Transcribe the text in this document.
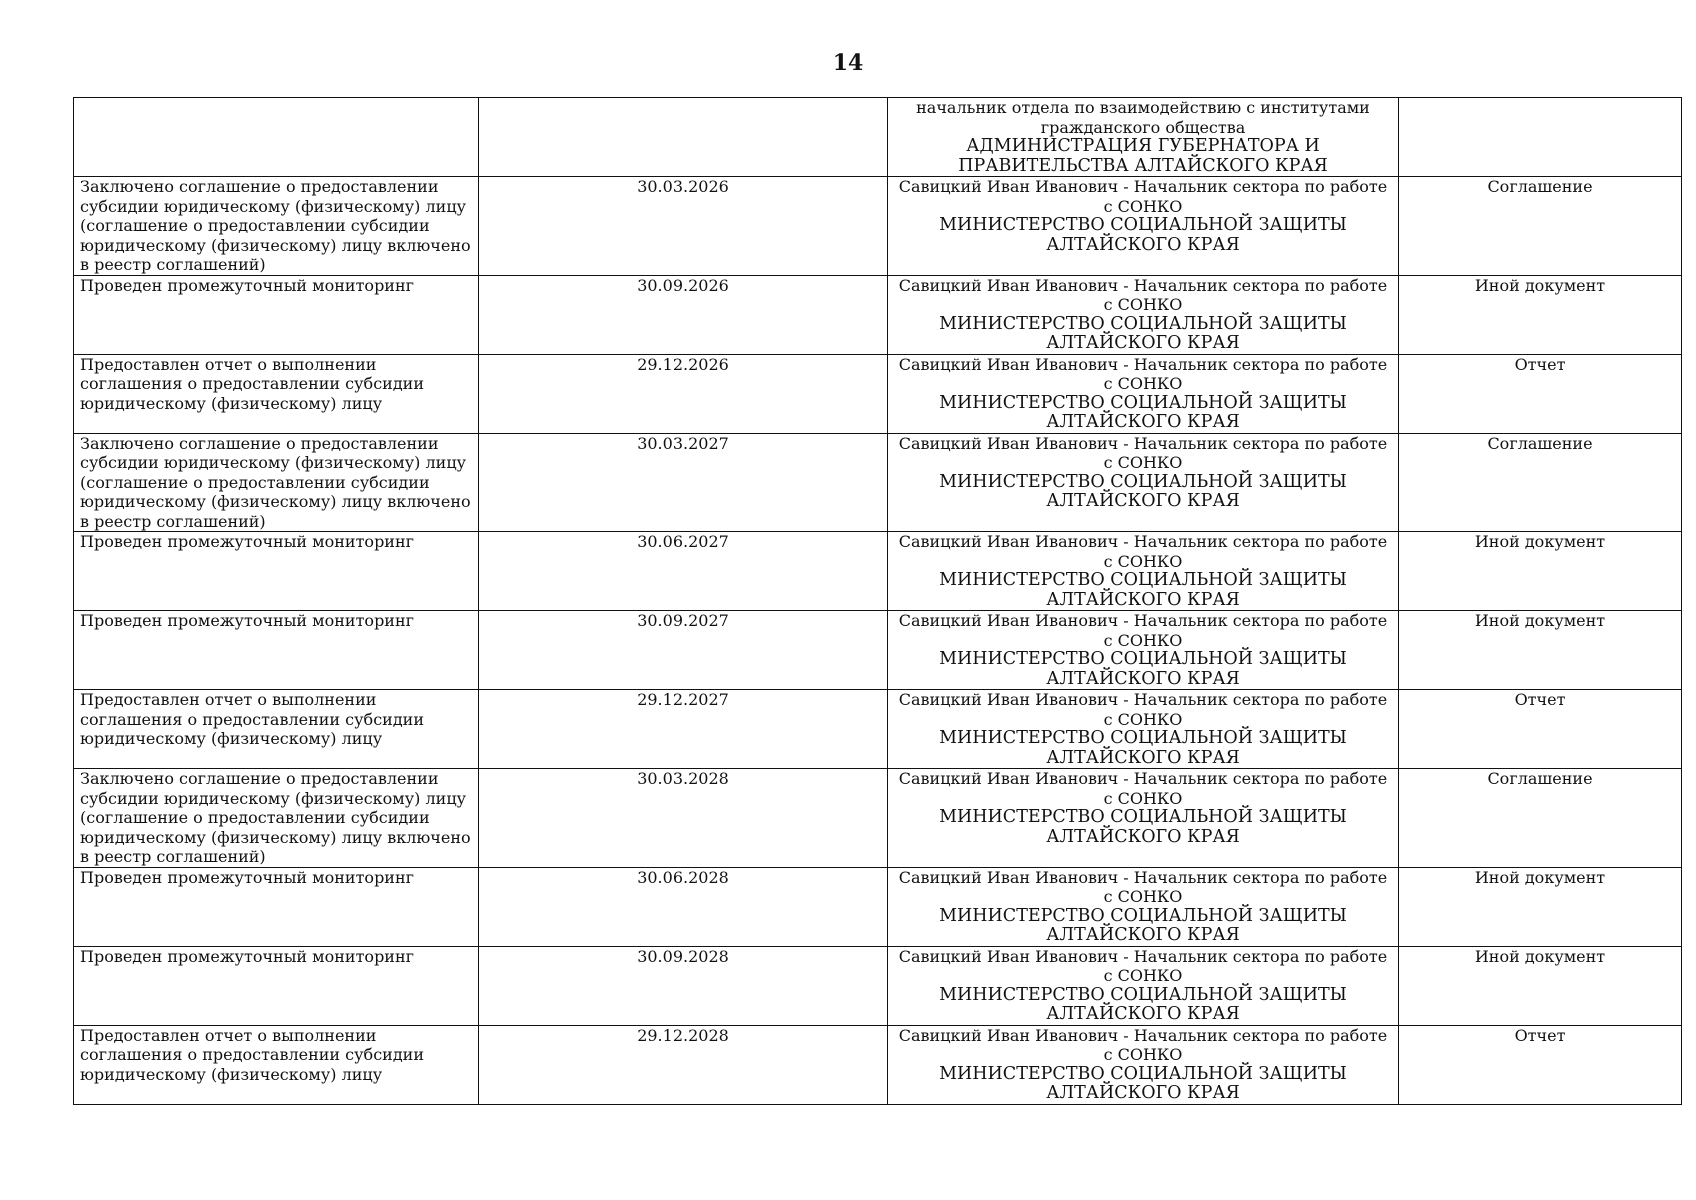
14

		начальник отдела по взаимодействию с институтами
гражданского общества
АДМИНИСТРАЦИЯ ГУБЕРНАТОРА И ПРАВИТЕЛЬСТВА АЛТАЙСКОГО КРАЯ	

Заключено соглашение о предоставлении субсидии юридическому (физическому) лицу (соглашение о предоставлении субсидии юридическому (физическому) лицу включено в реестр соглашений)	30.03.2026	Савицкий Иван Иванович - Начальник сектора по работе с СОНКО
МИНИСТЕРСТВО СОЦИАЛЬНОЙ ЗАЩИТЫ АЛТАЙСКОГО КРАЯ	Соглашение
Проведен промежуточный мониторинг	30.09.2026	Савицкий Иван Иванович - Начальник сектора по работе с СОНКО
МИНИСТЕРСТВО СОЦИАЛЬНОЙ ЗАЩИТЫ АЛТАЙСКОГО КРАЯ	Иной документ
Предоставлен отчет о выполнении соглашения о предоставлении субсидии юридическому (физическому) лицу	29.12.2026	Савицкий Иван Иванович - Начальник сектора по работе с СОНКО
МИНИСТЕРСТВО СОЦИАЛЬНОЙ ЗАЩИТЫ АЛТАЙСКОГО КРАЯ	Отчет
Заключено соглашение о предоставлении субсидии юридическому (физическому) лицу (соглашение о предоставлении субсидии юридическому (физическому) лицу включено в реестр соглашений)	30.03.2027	Савицкий Иван Иванович - Начальник сектора по работе с СОНКО
МИНИСТЕРСТВО СОЦИАЛЬНОЙ ЗАЩИТЫ АЛТАЙСКОГО КРАЯ	Соглашение
Проведен промежуточный мониторинг	30.06.2027	Савицкий Иван Иванович - Начальник сектора по работе с СОНКО
МИНИСТЕРСТВО СОЦИАЛЬНОЙ ЗАЩИТЫ АЛТАЙСКОГО КРАЯ	Иной документ
Проведен промежуточный мониторинг	30.09.2027	Савицкий Иван Иванович - Начальник сектора по работе с СОНКО
МИНИСТЕРСТВО СОЦИАЛЬНОЙ ЗАЩИТЫ АЛТАЙСКОГО КРАЯ	Иной документ
Предоставлен отчет о выполнении соглашения о предоставлении субсидии юридическому (физическому) лицу	29.12.2027	Савицкий Иван Иванович - Начальник сектора по работе с СОНКО
МИНИСТЕРСТВО СОЦИАЛЬНОЙ ЗАЩИТЫ АЛТАЙСКОГО КРАЯ	Отчет
Заключено соглашение о предоставлении субсидии юридическому (физическому) лицу (соглашение о предоставлении субсидии юридическому (физическому) лицу включено в реестр соглашений)	30.03.2028	Савицкий Иван Иванович - Начальник сектора по работе с СОНКО
МИНИСТЕРСТВО СОЦИАЛЬНОЙ ЗАЩИТЫ АЛТАЙСКОГО КРАЯ	Соглашение
Проведен промежуточный мониторинг	30.06.2028	Савицкий Иван Иванович - Начальник сектора по работе с СОНКО
МИНИСТЕРСТВО СОЦИАЛЬНОЙ ЗАЩИТЫ АЛТАЙСКОГО КРАЯ	Иной документ
Проведен промежуточный мониторинг	30.09.2028	Савицкий Иван Иванович - Начальник сектора по работе с СОНКО
МИНИСТЕРСТВО СОЦИАЛЬНОЙ ЗАЩИТЫ АЛТАЙСКОГО КРАЯ	Иной документ
Предоставлен отчет о выполнении соглашения о предоставлении субсидии юридическому (физическому) лицу	29.12.2028	Савицкий Иван Иванович - Начальник сектора по работе с СОНКО
МИНИСТЕРСТВО СОЦИАЛЬНОЙ ЗАЩИТЫ АЛТАЙСКОГО КРАЯ	Отчет
